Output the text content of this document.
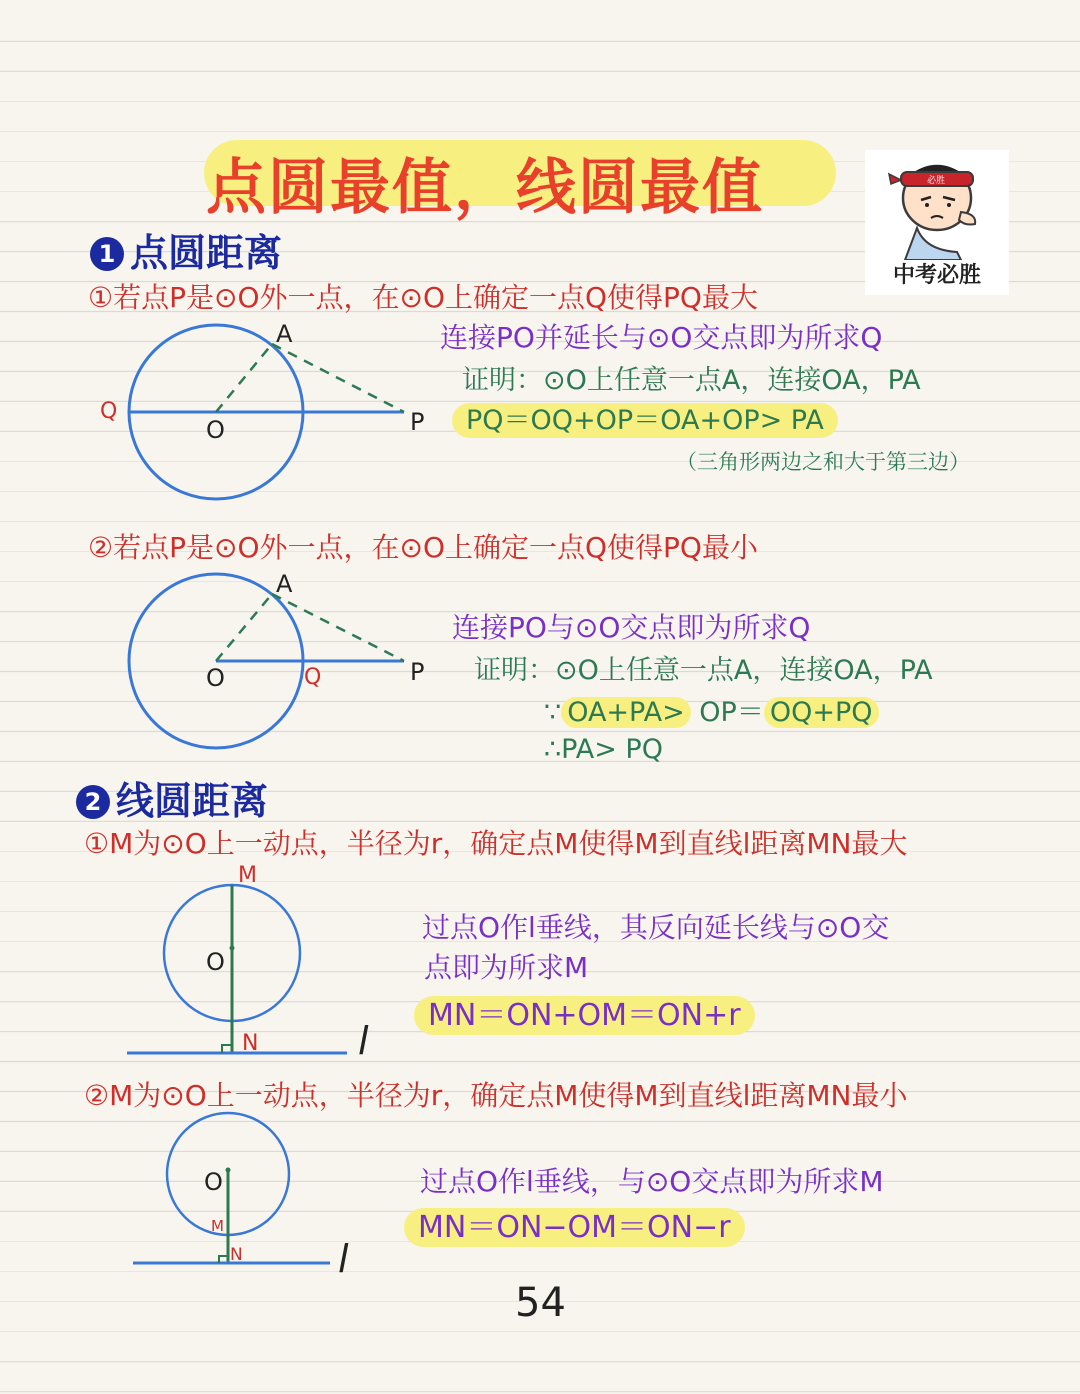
点圆最值，线圆最值	必胜
中考必胜
1 点圆距离
①若点P是⊙O外一点，在⊙O上确定一点Q使得PQ最大
连接PO并延长与⊙O交点即为所求Q
证明：⊙O上任意一点A，连接OA，PA
PQ＝OQ+OP＝OA+OP> PA
（三角形两边之和大于第三边）
②若点P是⊙O外一点，在⊙O上确定一点Q使得PQ最小
连接PO与⊙O交点即为所求Q
证明：⊙O上任意一点A，连接OA，PA
∵ OA+PA> OP＝ OQ+PQ
∴PA> PQ
2 线圆距离
①M为⊙O上一动点，半径为r，确定点M使得M到直线l距离MN最大
过点O作l垂线，其反向延长线与⊙O交
点即为所求M
MN＝ON+OM＝ON+r
②M为⊙O上一动点，半径为r，确定点M使得M到直线l距离MN最小
过点O作l垂线，与⊙O交点即为所求M
MN＝ON−OM＝ON−r
54
A
O
Q	P
A
O	Q	P
M
O
N	l
O
M
N	l
